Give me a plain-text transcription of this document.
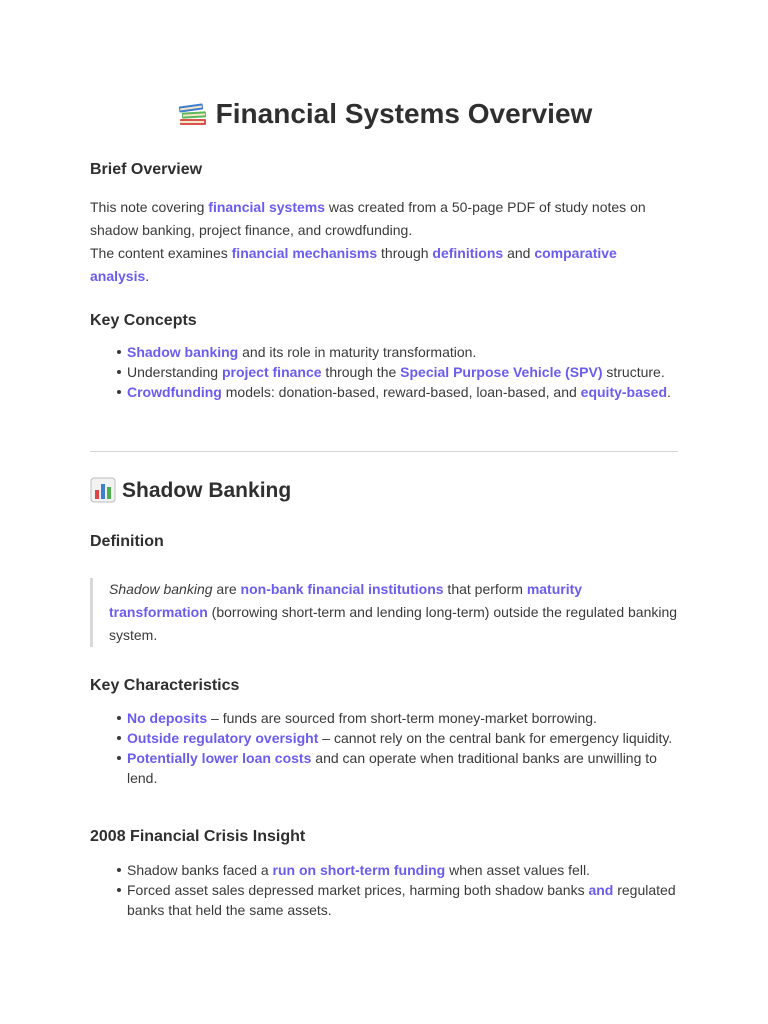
Financial Systems Overview
Brief Overview

This note covering financial systems was created from a 50-page PDF of study notes on shadow banking, project finance, and crowdfunding.

The content examines financial mechanisms through definitions and comparative analysis.

Key Concepts
Shadow banking and its role in maturity transformation.
Understanding project finance through the Special Purpose Vehicle (SPV) structure.
Crowdfunding models: donation-based, reward-based, loan-based, and equity-based.
Shadow Banking
Definition
Shadow banking are non-bank financial institutions that perform maturity transformation (borrowing short-term and lending long-term) outside the regulated banking system.
Key Characteristics
No deposits – funds are sourced from short-term money-market borrowing.
Outside regulatory oversight – cannot rely on the central bank for emergency liquidity.
Potentially lower loan costs and can operate when traditional banks are unwilling to lend.
2008 Financial Crisis Insight
Shadow banks faced a run on short-term funding when asset values fell.
Forced asset sales depressed market prices, harming both shadow banks and regulated banks that held the same assets.
